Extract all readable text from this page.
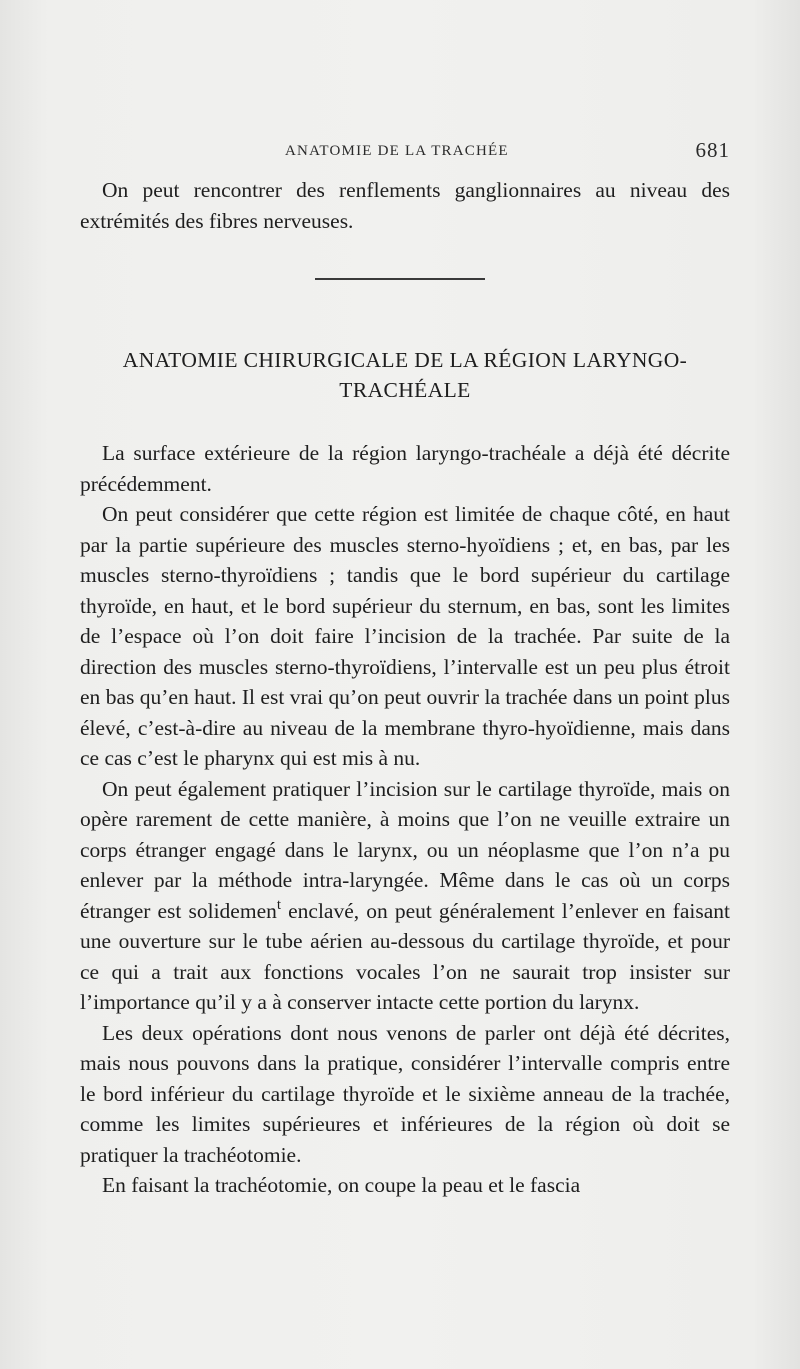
ANATOMIE DE LA TRACHÉE	681

On peut rencontrer des renflements ganglionnaires au niveau des extrémités des fibres nerveuses.

ANATOMIE CHIRURGICALE DE LA RÉGION LARYNGO-TRACHÉALE

La surface extérieure de la région laryngo-trachéale a déjà été décrite précédemment.

On peut considérer que cette région est limitée de chaque côté, en haut par la partie supérieure des muscles sterno-hyoïdiens ; et, en bas, par les muscles sterno-thyroïdiens ; tandis que le bord supérieur du cartilage thyroïde, en haut, et le bord supérieur du sternum, en bas, sont les limites de l’espace où l’on doit faire l’incision de la trachée. Par suite de la direction des muscles sterno-thyroïdiens, l’intervalle est un peu plus étroit en bas qu’en haut. Il est vrai qu’on peut ouvrir la trachée dans un point plus élevé, c’est-à-dire au niveau de la membrane thyro-hyoïdienne, mais dans ce cas c’est le pharynx qui est mis à nu.

On peut également pratiquer l’incision sur le cartilage thyroïde, mais on opère rarement de cette manière, à moins que l’on ne veuille extraire un corps étranger engagé dans le larynx, ou un néoplasme que l’on n’a pu enlever par la méthode intra-laryngée. Même dans le cas où un corps étranger est solidemen$^t$ enclavé, on peut généralement l’enlever en faisant une ouverture sur le tube aérien au-dessous du cartilage thyroïde, et pour ce qui a trait aux fonctions vocales l’on ne saurait trop insister sur l’importance qu’il y a à conserver intacte cette portion du larynx.

Les deux opérations dont nous venons de parler ont déjà été décrites, mais nous pouvons dans la pratique, considérer l’intervalle compris entre le bord inférieur du cartilage thyroïde et le sixième anneau de la trachée, comme les limites supérieures et inférieures de la région où doit se pratiquer la trachéotomie.

En faisant la trachéotomie, on coupe la peau et le fascia
